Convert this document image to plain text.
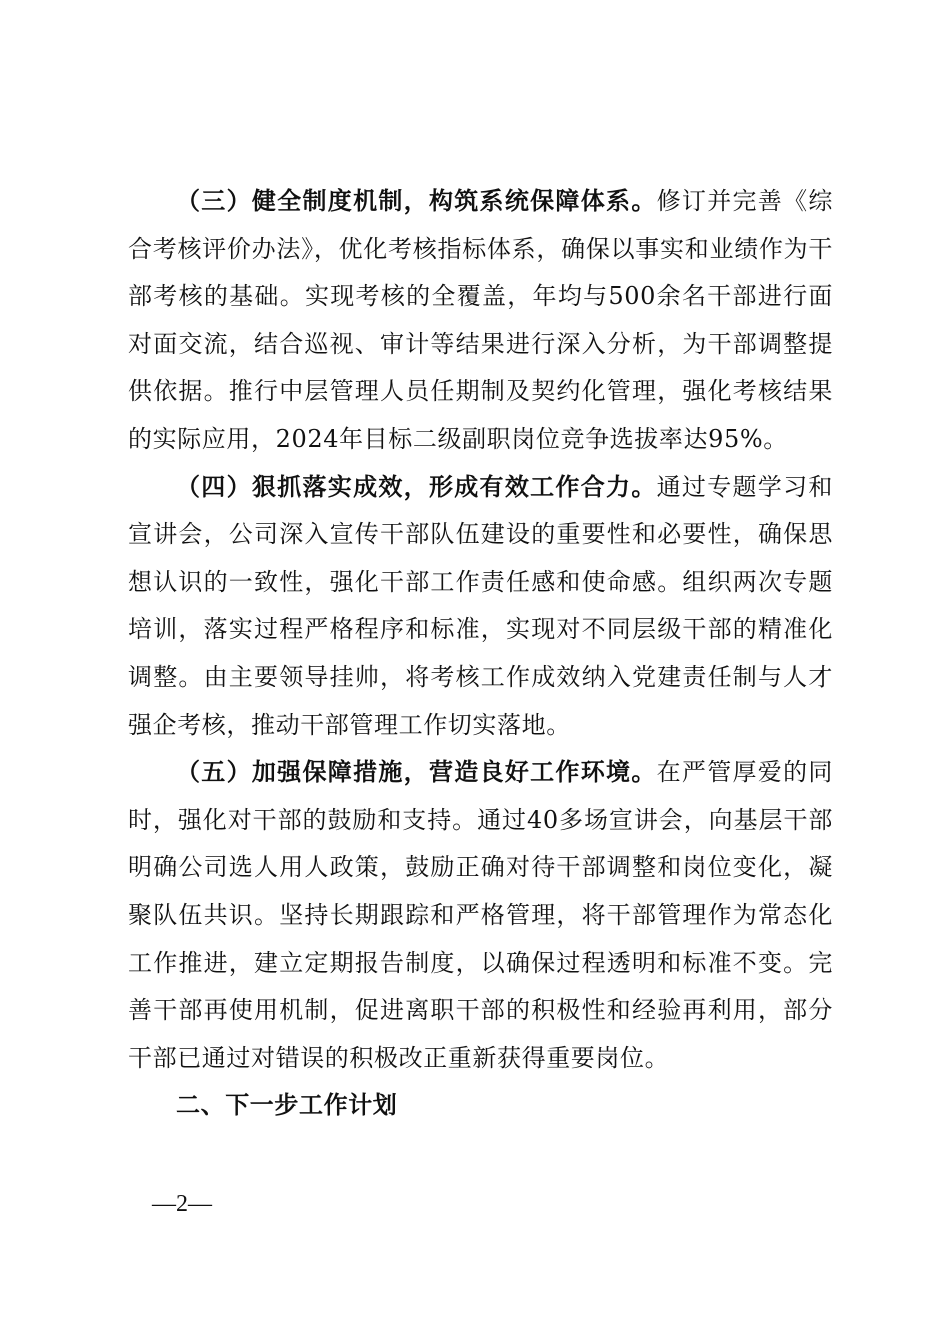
（三）健全制度机制，构筑系统保障体系。修订并完善《综合考核评价办法》，优化考核指标体系，确保以事实和业绩作为干部考核的基础。实现考核的全覆盖，年均与500余名干部进行面对面交流，结合巡视、审计等结果进行深入分析，为干部调整提供依据。推行中层管理人员任期制及契约化管理，强化考核结果的实际应用，2024年目标二级副职岗位竞争选拔率达95%。

（四）狠抓落实成效，形成有效工作合力。通过专题学习和宣讲会，公司深入宣传干部队伍建设的重要性和必要性，确保思想认识的一致性，强化干部工作责任感和使命感。组织两次专题培训，落实过程严格程序和标准，实现对不同层级干部的精准化调整。由主要领导挂帅，将考核工作成效纳入党建责任制与人才强企考核，推动干部管理工作切实落地。

（五）加强保障措施，营造良好工作环境。在严管厚爱的同时，强化对干部的鼓励和支持。通过40多场宣讲会，向基层干部明确公司选人用人政策，鼓励正确对待干部调整和岗位变化，凝聚队伍共识。坚持长期跟踪和严格管理，将干部管理作为常态化工作推进，建立定期报告制度，以确保过程透明和标准不变。完善干部再使用机制，促进离职干部的积极性和经验再利用，部分干部已通过对错误的积极改正重新获得重要岗位。

二、下一步工作计划

—2—
